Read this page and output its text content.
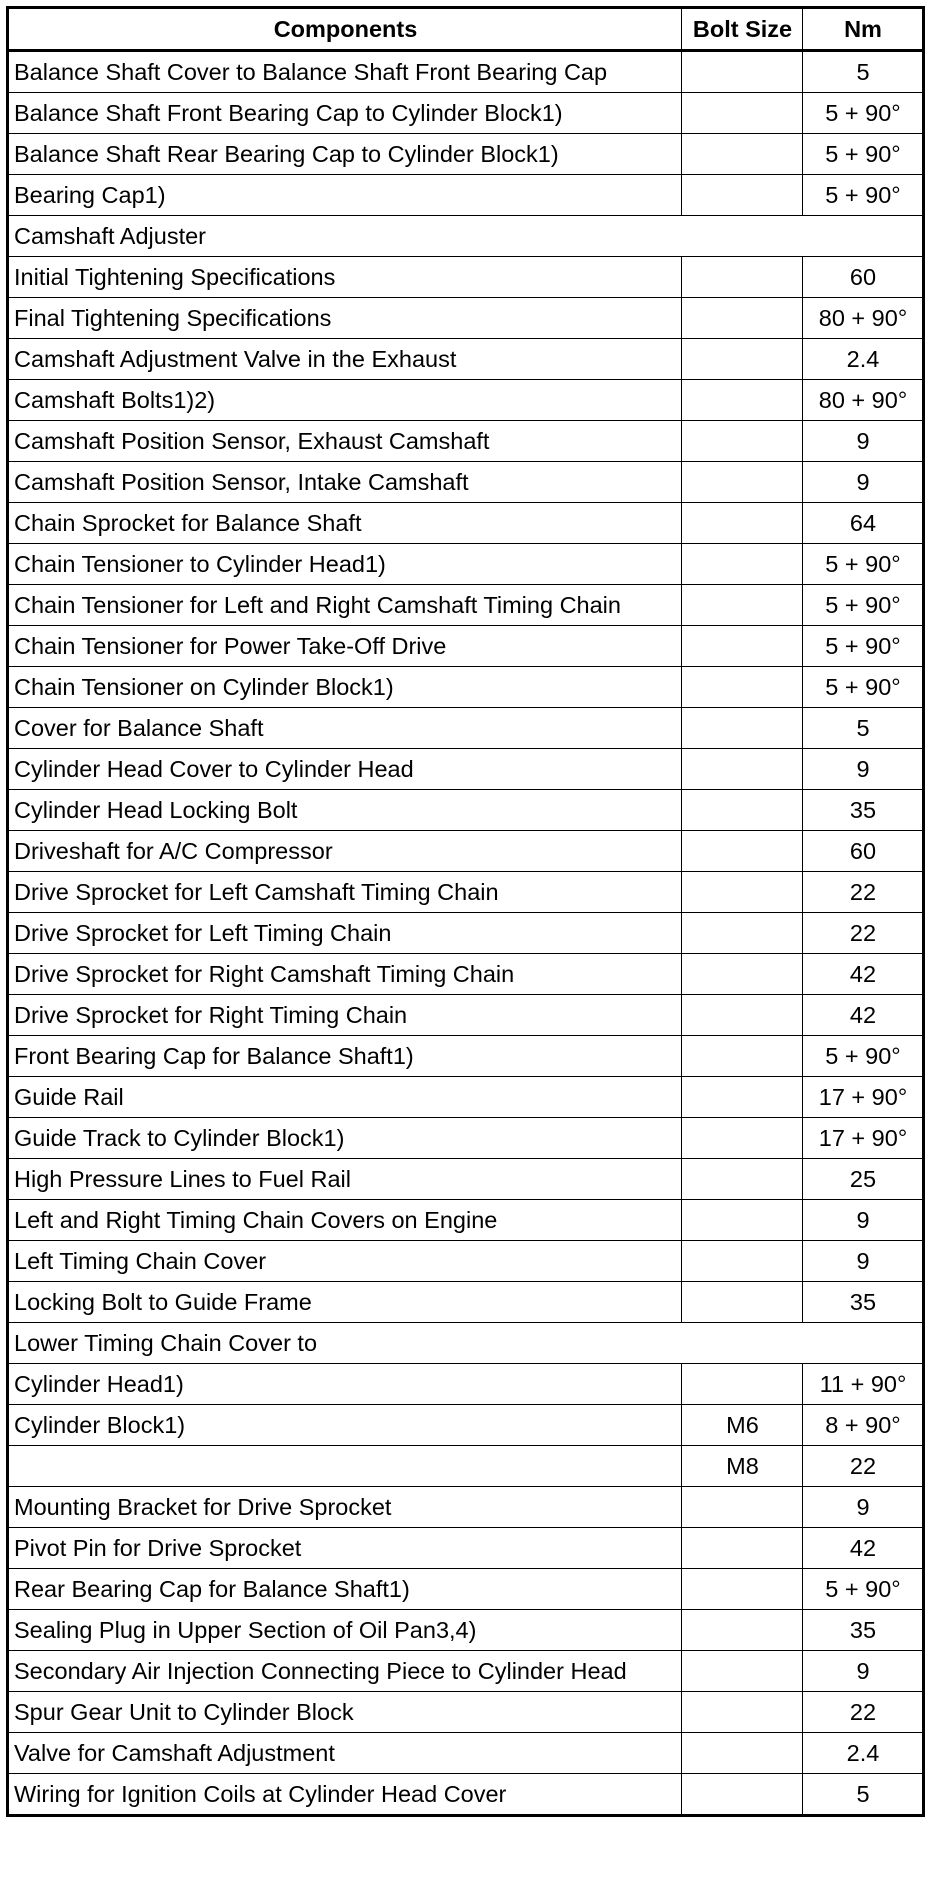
Components	Bolt Size	Nm
Balance Shaft Cover to Balance Shaft Front Bearing Cap		5
Balance Shaft Front Bearing Cap to Cylinder Block1)		5 + 90°
Balance Shaft Rear Bearing Cap to Cylinder Block1)		5 + 90°
Bearing Cap1)		5 + 90°
Camshaft Adjuster		
Initial Tightening Specifications		60
Final Tightening Specifications		80 + 90°
Camshaft Adjustment Valve in the Exhaust		2.4
Camshaft Bolts1)2)		80 + 90°
Camshaft Position Sensor, Exhaust Camshaft		9
Camshaft Position Sensor, Intake Camshaft		9
Chain Sprocket for Balance Shaft		64
Chain Tensioner to Cylinder Head1)		5 + 90°
Chain Tensioner for Left and Right Camshaft Timing Chain		5 + 90°
Chain Tensioner for Power Take-Off Drive		5 + 90°
Chain Tensioner on Cylinder Block1)		5 + 90°
Cover for Balance Shaft		5
Cylinder Head Cover to Cylinder Head		9
Cylinder Head Locking Bolt		35
Driveshaft for A/C Compressor		60
Drive Sprocket for Left Camshaft Timing Chain		22
Drive Sprocket for Left Timing Chain		22
Drive Sprocket for Right Camshaft Timing Chain		42
Drive Sprocket for Right Timing Chain		42
Front Bearing Cap for Balance Shaft1)		5 + 90°
Guide Rail		17 + 90°
Guide Track to Cylinder Block1)		17 + 90°
High Pressure Lines to Fuel Rail		25
Left and Right Timing Chain Covers on Engine		9
Left Timing Chain Cover		9
Locking Bolt to Guide Frame		35
Lower Timing Chain Cover to		
Cylinder Head1)		11 + 90°
Cylinder Block1)	M6	8 + 90°
	M8	22
Mounting Bracket for Drive Sprocket		9
Pivot Pin for Drive Sprocket		42
Rear Bearing Cap for Balance Shaft1)		5 + 90°
Sealing Plug in Upper Section of Oil Pan3,4)		35
Secondary Air Injection Connecting Piece to Cylinder Head		9
Spur Gear Unit to Cylinder Block		22
Valve for Camshaft Adjustment		2.4
Wiring for Ignition Coils at Cylinder Head Cover		5
